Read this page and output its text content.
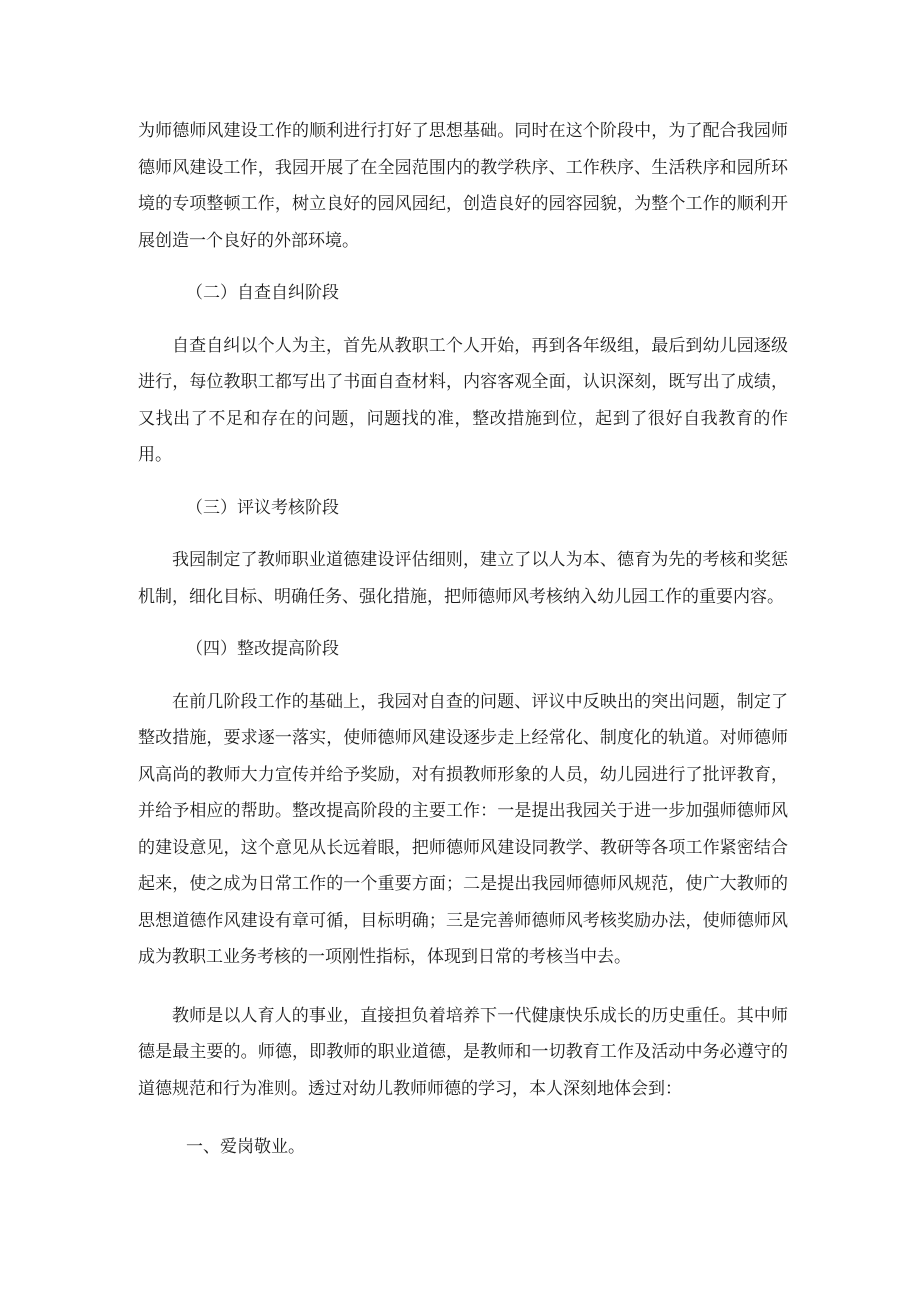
为师德师风建设工作的顺利进行打好了思想基础。同时在这个阶段中，为了配合我园师德师风建设工作，我园开展了在全园范围内的教学秩序、工作秩序、生活秩序和园所环境的专项整顿工作，树立良好的园风园纪，创造良好的园容园貌，为整个工作的顺利开展创造一个良好的外部环境。

（二）自查自纠阶段

自查自纠以个人为主，首先从教职工个人开始，再到各年级组，最后到幼儿园逐级进行，每位教职工都写出了书面自查材料，内容客观全面，认识深刻，既写出了成绩，又找出了不足和存在的问题，问题找的准，整改措施到位，起到了很好自我教育的作用。

（三）评议考核阶段

我园制定了教师职业道德建设评估细则，建立了以人为本、德育为先的考核和奖惩机制，细化目标、明确任务、强化措施，把师德师风考核纳入幼儿园工作的重要内容。

（四）整改提高阶段

在前几阶段工作的基础上，我园对自查的问题、评议中反映出的突出问题，制定了整改措施，要求逐一落实，使师德师风建设逐步走上经常化、制度化的轨道。对师德师风高尚的教师大力宣传并给予奖励，对有损教师形象的人员，幼儿园进行了批评教育，并给予相应的帮助。整改提高阶段的主要工作：一是提出我园关于进一步加强师德师风的建设意见，这个意见从长远着眼，把师德师风建设同教学、教研等各项工作紧密结合起来，使之成为日常工作的一个重要方面；二是提出我园师德师风规范，使广大教师的思想道德作风建设有章可循，目标明确；三是完善师德师风考核奖励办法，使师德师风成为教职工业务考核的一项刚性指标，体现到日常的考核当中去。

教师是以人育人的事业，直接担负着培养下一代健康快乐成长的历史重任。其中师德是最主要的。师德，即教师的职业道德，是教师和一切教育工作及活动中务必遵守的道德规范和行为准则。透过对幼儿教师师德的学习，本人深刻地体会到：

一、爱岗敬业。
